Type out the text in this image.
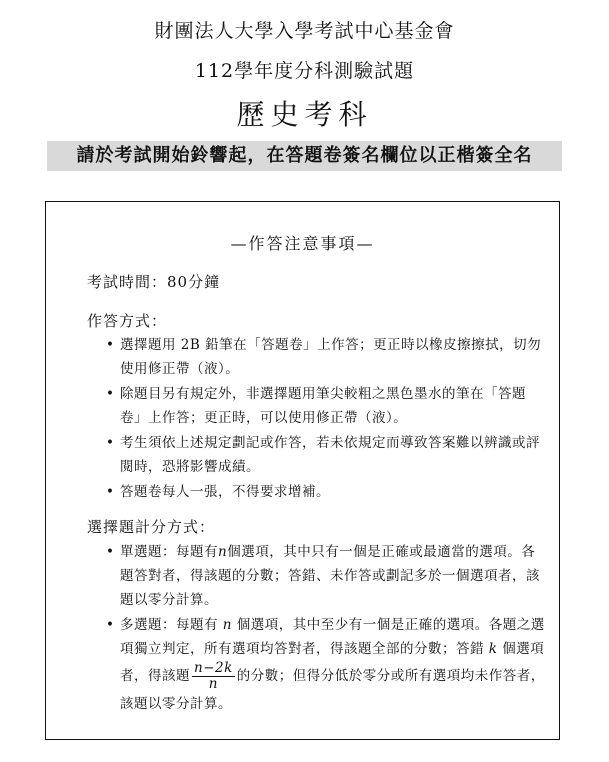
財團法人大學入學考試中心基金會
112學年度分科測驗試題
歷史考科
請於考試開始鈴響起，在答題卷簽名欄位以正楷簽全名
—作答注意事項—
考試時間：80分鐘
作答方式：
• 選擇題用 2B 鉛筆在「答題卷」上作答；更正時以橡皮擦擦拭，切勿使用修正帶（液）。
• 除題目另有規定外，非選擇題用筆尖較粗之黑色墨水的筆在「答題卷」上作答；更正時，可以使用修正帶（液）。
• 考生須依上述規定劃記或作答，若未依規定而導致答案難以辨識或評閱時，恐將影響成績。
• 答題卷每人一張，不得要求增補。
選擇題計分方式：
• 單選題：每題有n個選項，其中只有一個是正確或最適當的選項。各題答對者，得該題的分數；答錯、未作答或劃記多於一個選項者，該題以零分計算。
• 多選題：每題有 n 個選項，其中至少有一個是正確的選項。各題之選項獨立判定，所有選項均答對者，得該題全部的分數；答錯 k 個選項者，得該題 $\frac{n-2k}{n}$ 的分數；但得分低於零分或所有選項均未作答者，該題以零分計算。
